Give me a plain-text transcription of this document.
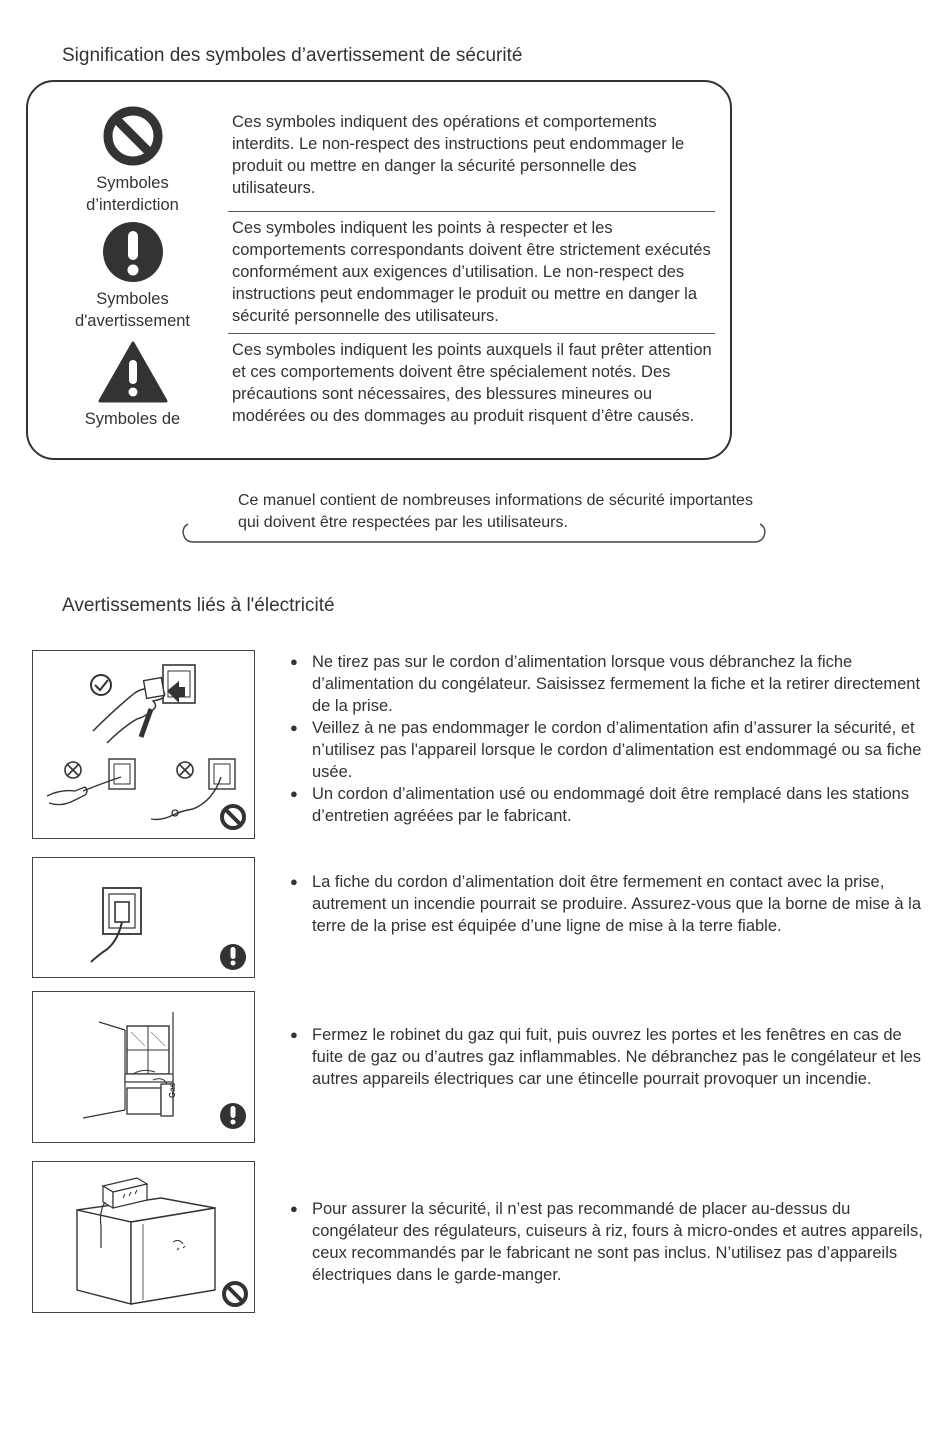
Signification des symboles d’avertissement de sécurité
Symboles
d’interdiction
Ces symboles indiquent des opérations et comportements interdits. Le non-respect des instructions peut endommager le produit ou mettre en danger la sécurité personnelle des utilisateurs.
Symboles
d'avertissement
Ces symboles indiquent les points à respecter et les comportements correspondants doivent être strictement exécutés conformément aux exigences d’utilisation. Le non-respect des instructions peut endommager le produit ou mettre en danger la sécurité personnelle des utilisateurs.
Symboles de
Ces symboles indiquent les points auxquels il faut prêter attention et ces comportements doivent être spécialement notés. Des précautions sont nécessaires, des blessures mineures ou modérées ou des dommages au produit risquent d’être causés.
Ce manuel contient de nombreuses informations de sécurité importantes qui doivent être respectées par les utilisateurs.
Avertissements liés à l'électricité
● Ne tirez pas sur le cordon d’alimentation lorsque vous débranchez la fiche d’alimentation du congélateur. Saisissez fermement la fiche et la retirer directement de la prise.
● Veillez à ne pas endommager le cordon d’alimentation afin d’assurer la sécurité, et n’utilisez pas l'appareil lorsque le cordon d’alimentation est endommagé ou sa fiche usée.
● Un cordon d’alimentation usé ou endommagé doit être remplacé dans les stations d’entretien agréées par le fabricant.
● La fiche du cordon d’alimentation doit être fermement en contact avec la prise, autrement un incendie pourrait se produire. Assurez-vous que la borne de mise à la terre de la prise est équipée d’une ligne de mise à la terre fiable.
Gas
● Fermez le robinet du gaz qui fuit, puis ouvrez les portes et les fenêtres en cas de fuite de gaz ou d’autres gaz inflammables. Ne débranchez pas le congélateur et les autres appareils électriques car une étincelle pourrait provoquer un incendie.
● Pour assurer la sécurité, il n’est pas recommandé de placer au-dessus du congélateur des régulateurs, cuiseurs à riz, fours à micro-ondes et autres appareils, ceux recommandés par le fabricant ne sont pas inclus. N’utilisez pas d’appareils électriques dans le garde-manger.
